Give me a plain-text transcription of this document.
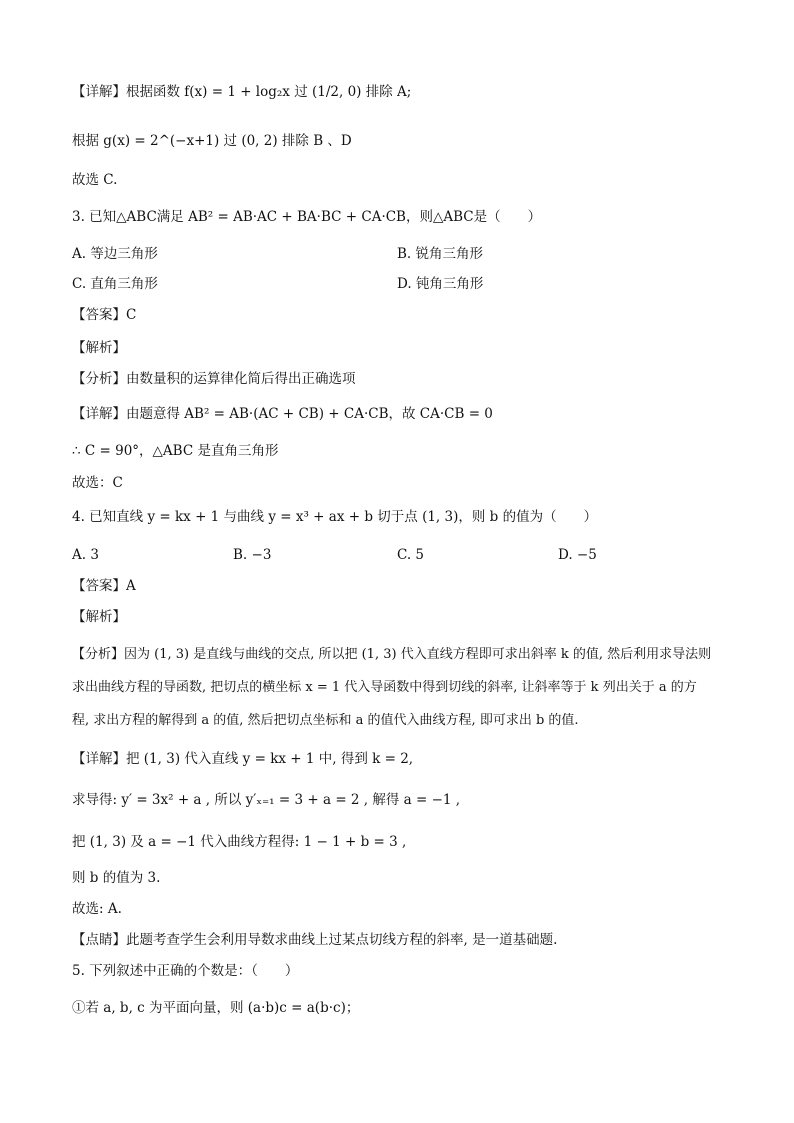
【详解】根据函数 f(x) = 1 + log₂x 过 (1/2, 0) 排除 A;
根据 g(x) = 2^(−x+1) 过 (0, 2) 排除 B 、D
故选 C.
3. 已知△ABC满足 AB² = AB·AC + BA·BC + CA·CB，则△ABC是（　　）
A. 等边三角形	B. 锐角三角形
C. 直角三角形	D. 钝角三角形
【答案】C
【解析】
【分析】由数量积的运算律化简后得出正确选项
【详解】由题意得 AB² = AB·(AC + CB) + CA·CB，故 CA·CB = 0
∴ C = 90°，△ABC 是直角三角形
故选：C
4. 已知直线 y = kx + 1 与曲线 y = x³ + ax + b 切于点 (1, 3)，则 b 的值为（　　）
A. 3	B. −3	C. 5	D. −5
【答案】A
【解析】
【分析】因为 (1, 3) 是直线与曲线的交点, 所以把 (1, 3) 代入直线方程即可求出斜率 k 的值, 然后利用求导法则
求出曲线方程的导函数, 把切点的横坐标 x = 1 代入导函数中得到切线的斜率, 让斜率等于 k 列出关于 a 的方
程, 求出方程的解得到 a 的值, 然后把切点坐标和 a 的值代入曲线方程, 即可求出 b 的值.
【详解】把 (1, 3) 代入直线 y = kx + 1 中, 得到 k = 2,
求导得: y′ = 3x² + a , 所以 y′ₓ₌₁ = 3 + a = 2 , 解得 a = −1 ,
把 (1, 3) 及 a = −1 代入曲线方程得: 1 − 1 + b = 3 ,
则 b 的值为 3.
故选: A.
【点睛】此题考查学生会利用导数求曲线上过某点切线方程的斜率, 是一道基础题.
5. 下列叙述中正确的个数是：（　　）
①若 a, b, c 为平面向量，则 (a·b)c = a(b·c)；
